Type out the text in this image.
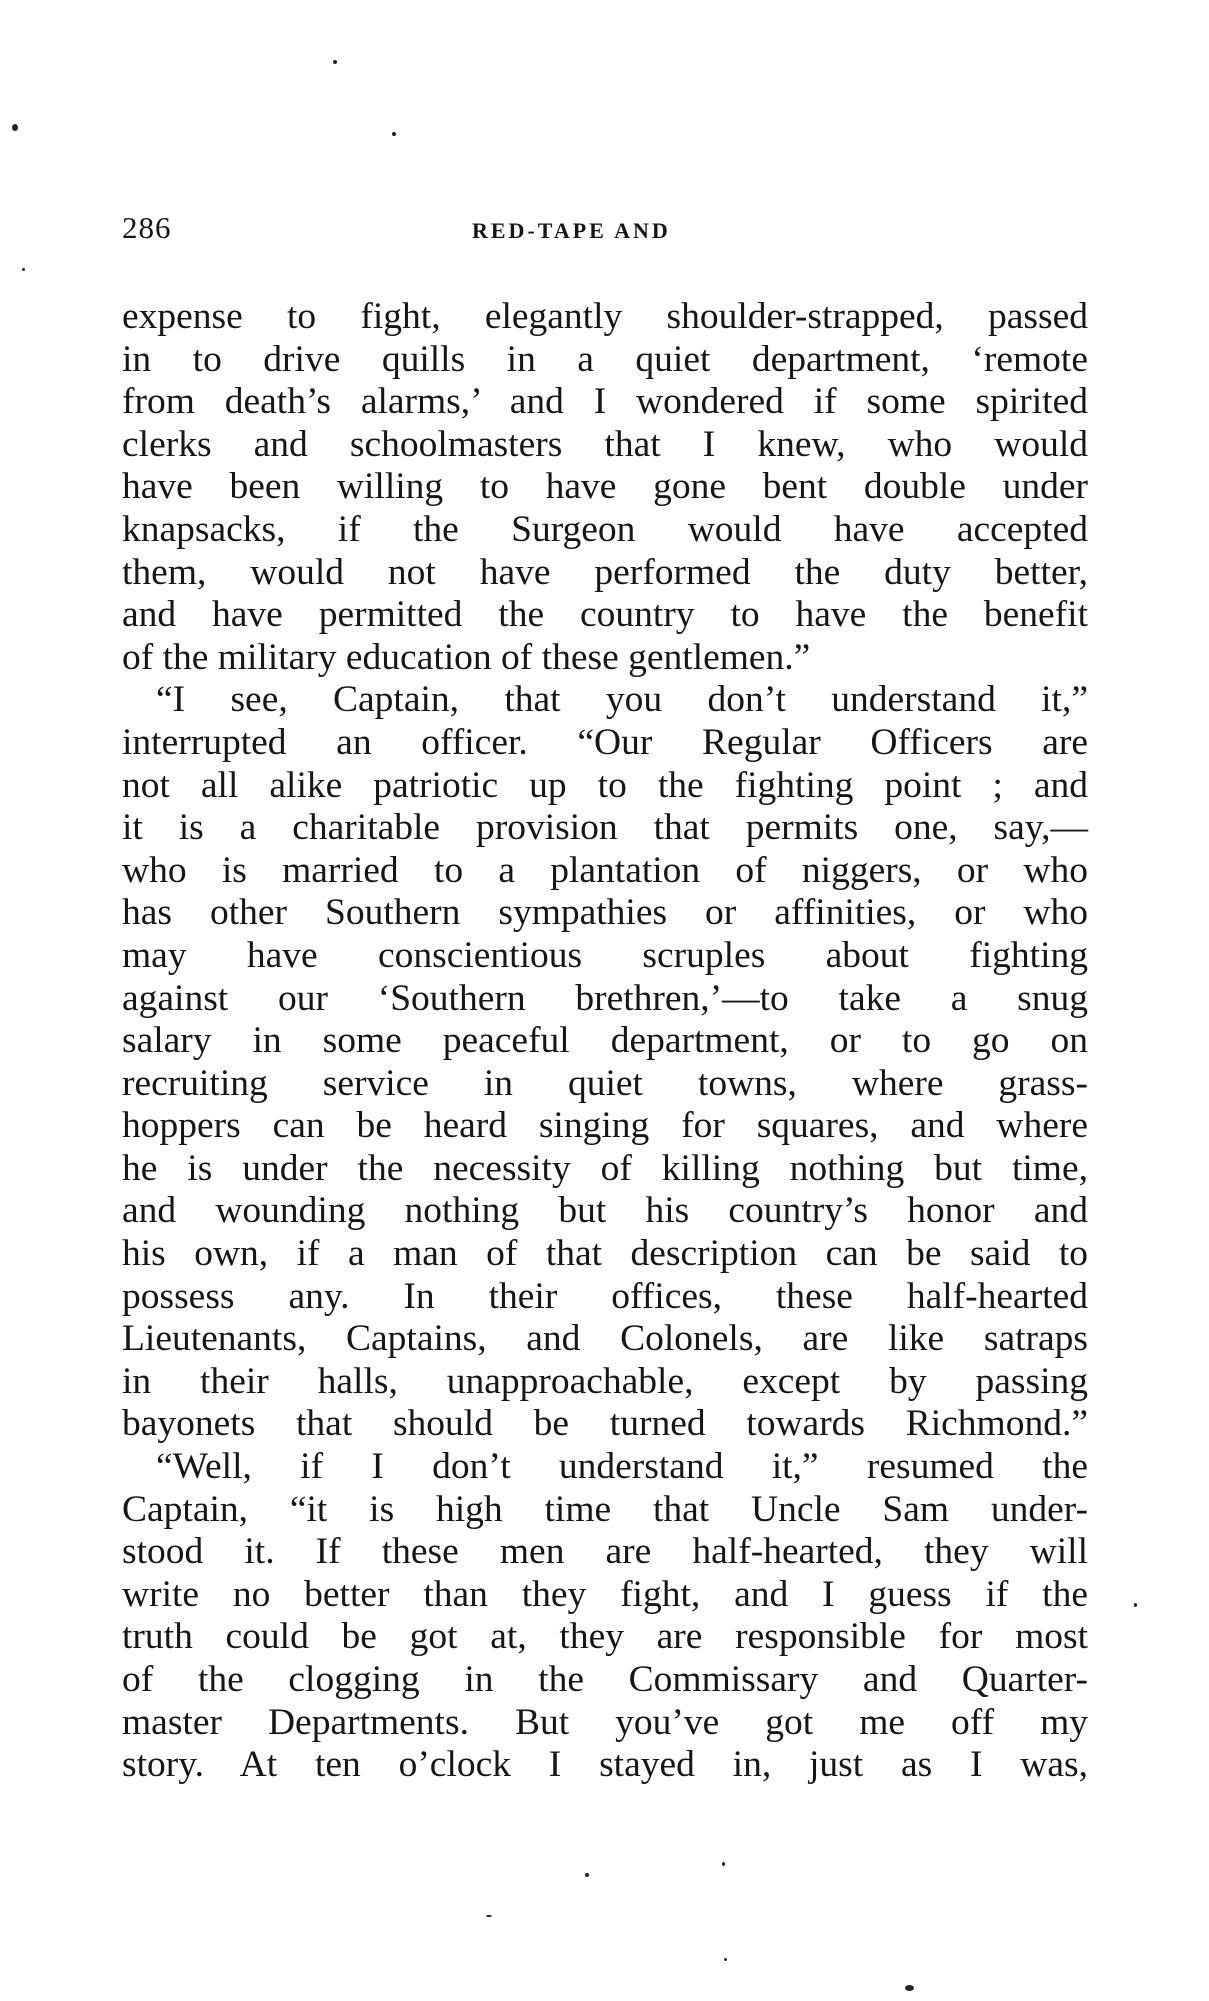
286	RED-TAPE AND
expense to fight, elegantly shoulder-strapped, passed
in to drive quills in a quiet department, ‘remote
from death’s alarms,’ and I wondered if some spirited
clerks and schoolmasters that I knew, who would
have been willing to have gone bent double under
knapsacks, if the Surgeon would have accepted
them, would not have performed the duty better,
and have permitted the country to have the benefit
of the military education of these gentlemen.”
“I see, Captain, that you don’t understand it,”
interrupted an officer. “Our Regular Officers are
not all alike patriotic up to the fighting point ; and
it is a charitable provision that permits one, say,—
who is married to a plantation of niggers, or who
has other Southern sympathies or affinities, or who
may have conscientious scruples about fighting
against our ‘Southern brethren,’—to take a snug
salary in some peaceful department, or to go on
recruiting service in quiet towns, where grass-
hoppers can be heard singing for squares, and where
he is under the necessity of killing nothing but time,
and wounding nothing but his country’s honor and
his own, if a man of that description can be said to
possess any. In their offices, these half-hearted
Lieutenants, Captains, and Colonels, are like satraps
in their halls, unapproachable, except by passing
bayonets that should be turned towards Richmond.”
“Well, if I don’t understand it,” resumed the
Captain, “it is high time that Uncle Sam under-
stood it. If these men are half-hearted, they will
write no better than they fight, and I guess if the
truth could be got at, they are responsible for most
of the clogging in the Commissary and Quarter-
master Departments. But you’ve got me off my
story. At ten o’clock I stayed in, just as I was,
